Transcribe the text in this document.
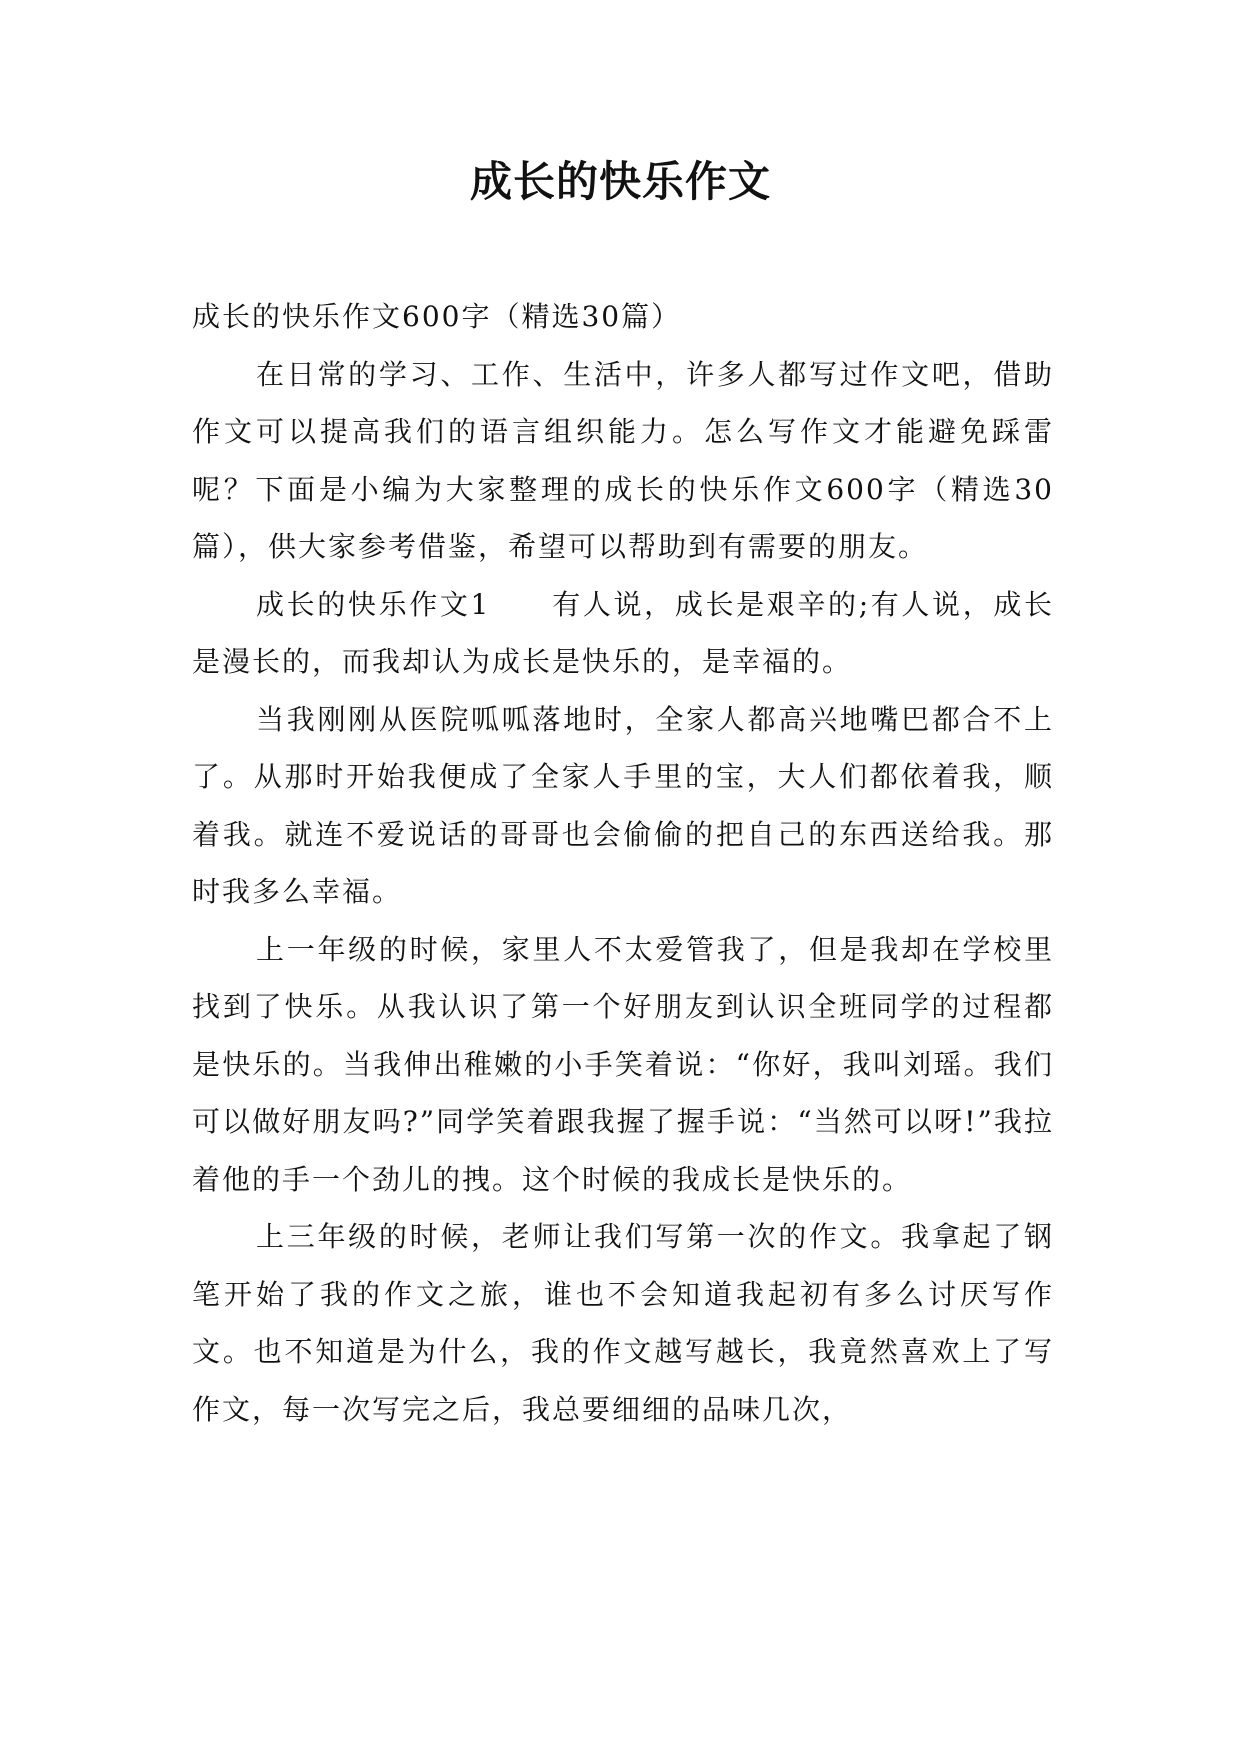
成长的快乐作文

成长的快乐作文600字（精选30篇）

在日常的学习、工作、生活中，许多人都写过作文吧，借助作文可以提高我们的语言组织能力。怎么写作文才能避免踩雷呢？下面是小编为大家整理的成长的快乐作文600字（精选30篇），供大家参考借鉴，希望可以帮助到有需要的朋友。

成长的快乐作文1　　有人说，成长是艰辛的;有人说，成长是漫长的，而我却认为成长是快乐的，是幸福的。

当我刚刚从医院呱呱落地时，全家人都高兴地嘴巴都合不上了。从那时开始我便成了全家人手里的宝，大人们都依着我，顺着我。就连不爱说话的哥哥也会偷偷的把自己的东西送给我。那时我多么幸福。

上一年级的时候，家里人不太爱管我了，但是我却在学校里找到了快乐。从我认识了第一个好朋友到认识全班同学的过程都是快乐的。当我伸出稚嫩的小手笑着说：“你好，我叫刘瑶。我们可以做好朋友吗?”同学笑着跟我握了握手说：“当然可以呀!”我拉着他的手一个劲儿的拽。这个时候的我成长是快乐的。

上三年级的时候，老师让我们写第一次的作文。我拿起了钢笔开始了我的作文之旅，谁也不会知道我起初有多么讨厌写作文。也不知道是为什么，我的作文越写越长，我竟然喜欢上了写作文，每一次写完之后，我总要细细的品味几次，
